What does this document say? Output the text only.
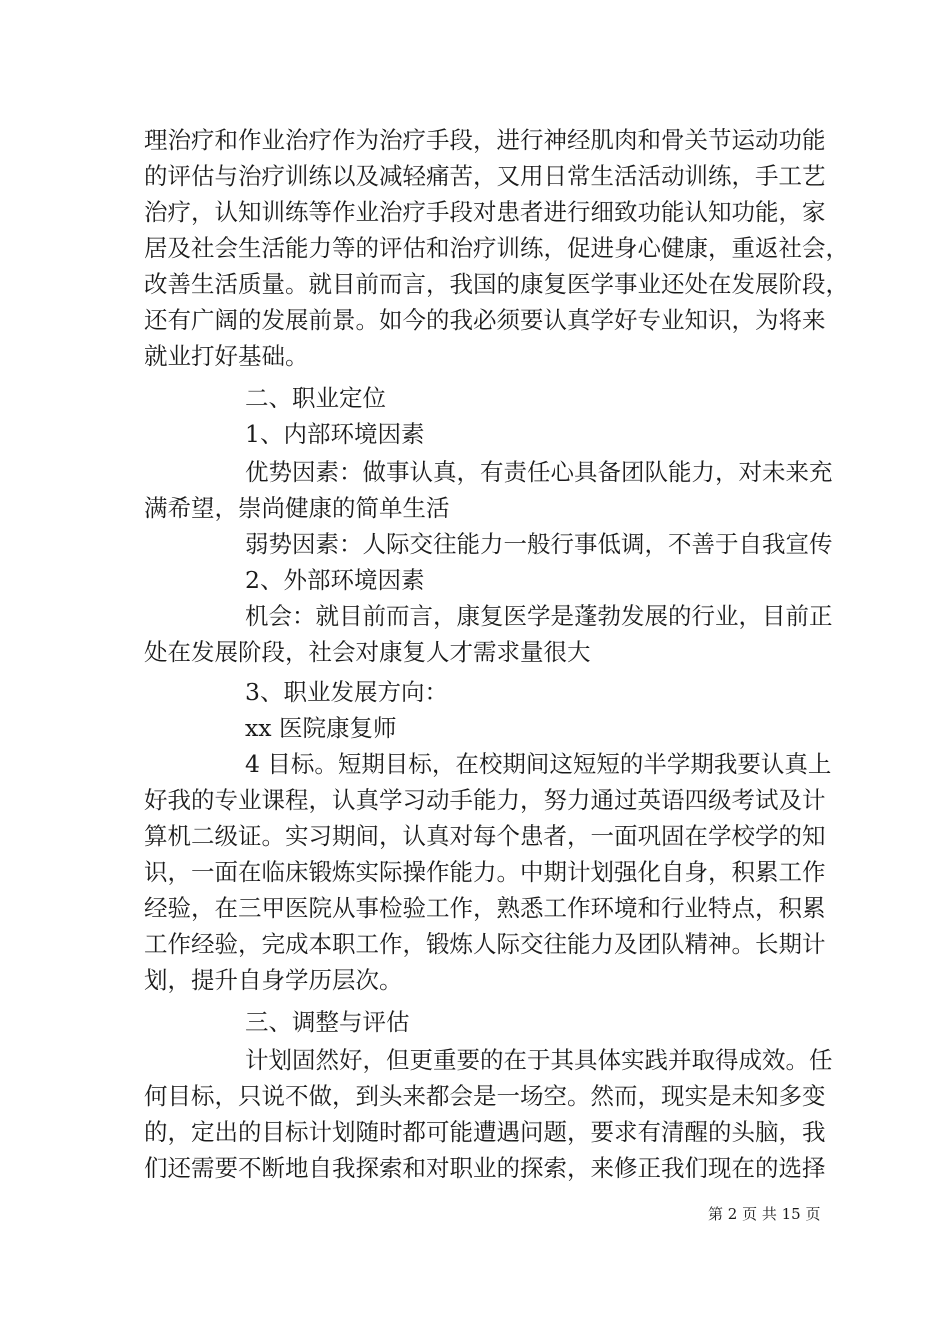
理治疗和作业治疗作为治疗手段，进行神经肌肉和骨关节运动功能
的评估与治疗训练以及减轻痛苦，又用日常生活活动训练，手工艺
治疗，认知训练等作业治疗手段对患者进行细致功能认知功能，家
居及社会生活能力等的评估和治疗训练，促进身心健康，重返社会，
改善生活质量。就目前而言，我国的康复医学事业还处在发展阶段，
还有广阔的发展前景。如今的我必须要认真学好专业知识，为将来
就业打好基础。
二、职业定位
1、内部环境因素
优势因素：做事认真，有责任心具备团队能力，对未来充
满希望，崇尚健康的简单生活
弱势因素：人际交往能力一般行事低调，不善于自我宣传
2、外部环境因素
机会：就目前而言，康复医学是蓬勃发展的行业，目前正
处在发展阶段，社会对康复人才需求量很大
3、职业发展方向：
xx 医院康复师
4 目标。短期目标，在校期间这短短的半学期我要认真上
好我的专业课程，认真学习动手能力，努力通过英语四级考试及计
算机二级证。实习期间，认真对每个患者，一面巩固在学校学的知
识，一面在临床锻炼实际操作能力。中期计划强化自身，积累工作
经验，在三甲医院从事检验工作，熟悉工作环境和行业特点，积累
工作经验，完成本职工作，锻炼人际交往能力及团队精神。长期计
划，提升自身学历层次。
三、调整与评估
计划固然好，但更重要的在于其具体实践并取得成效。任
何目标，只说不做，到头来都会是一场空。然而，现实是未知多变
的，定出的目标计划随时都可能遭遇问题，要求有清醒的头脑，我
们还需要不断地自我探索和对职业的探索，来修正我们现在的选择
第 2 页 共 15 页
